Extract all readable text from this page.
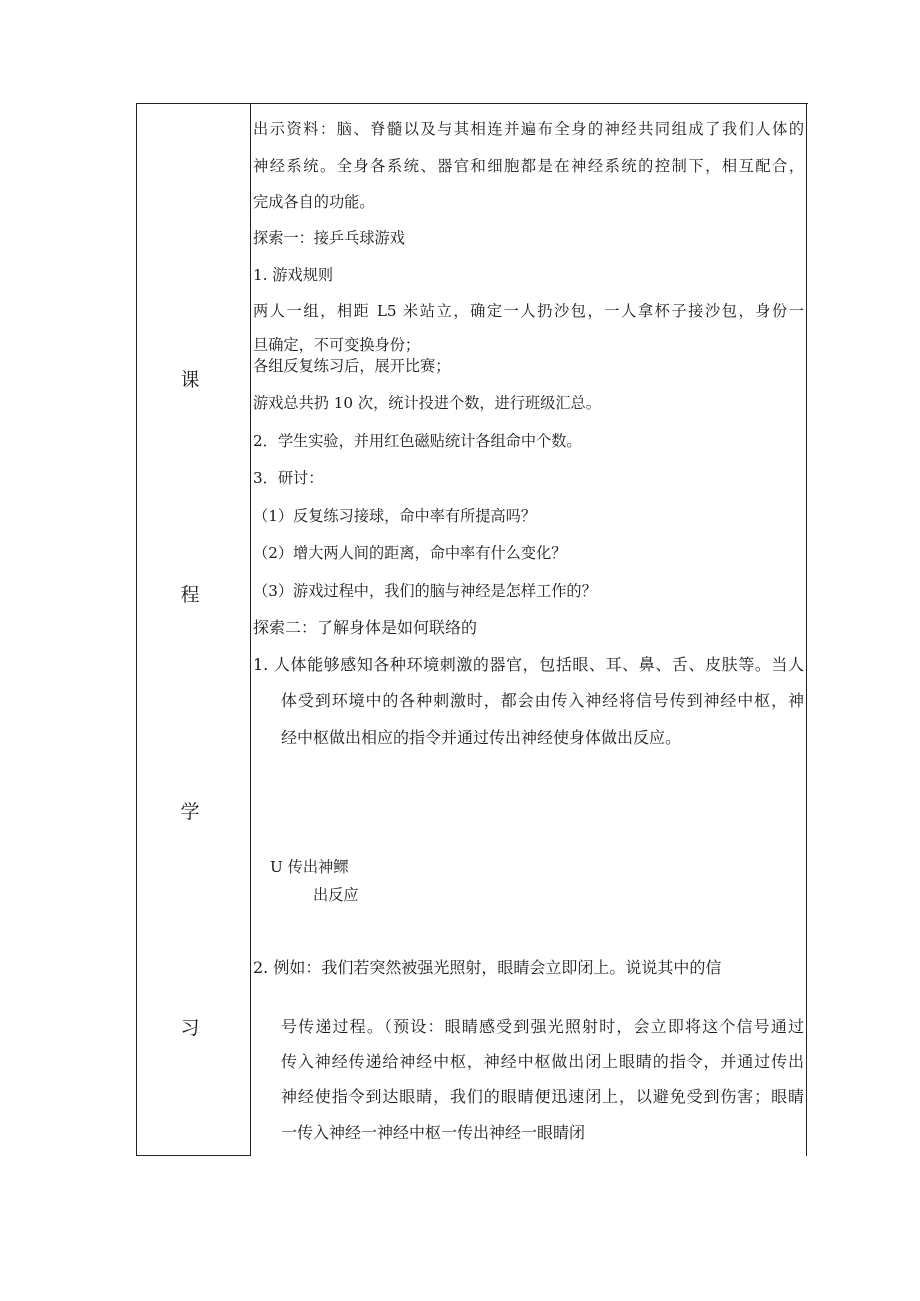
课
程
学
习
出示资料：脑、脊髓以及与其相连并遍布全身的神经共同组成了我们人体的
神经系统。全身各系统、器官和细胞都是在神经系统的控制下，相互配合，
完成各自的功能。
探索一：接乒乓球游戏
1. 游戏规则
两人一组，相距 L5 米站立，确定一人扔沙包，一人拿杯子接沙包，身份一
旦确定，不可变换身份；
各组反复练习后，展开比赛；
游戏总共扔 10 次，统计投进个数，进行班级汇总。
2．学生实验，并用红色磁贴统计各组命中个数。
3．研讨：
（1）反复练习接球，命中率有所提高吗？
（2）增大两人间的距离，命中率有什么变化？
（3）游戏过程中，我们的脑与神经是怎样工作的？
探索二：了解身体是如何联络的
1. 人体能够感知各种环境刺激的器官，包括眼、耳、鼻、舌、皮肤等。当人
体受到环境中的各种刺激时，都会由传入神经将信号传到神经中枢，神
经中枢做出相应的指令并通过传出神经使身体做出反应。
U 传出神鳏
出反应
2. 例如：我们若突然被强光照射，眼睛会立即闭上。说说其中的信
号传递过程。（预设：眼睛感受到强光照射时，会立即将这个信号通过
传入神经传递给神经中枢，神经中枢做出闭上眼睛的指令，并通过传出
神经使指令到达眼睛，我们的眼睛便迅速闭上，以避免受到伤害；眼睛
一传入神经一神经中枢一传出神经一眼睛闭
